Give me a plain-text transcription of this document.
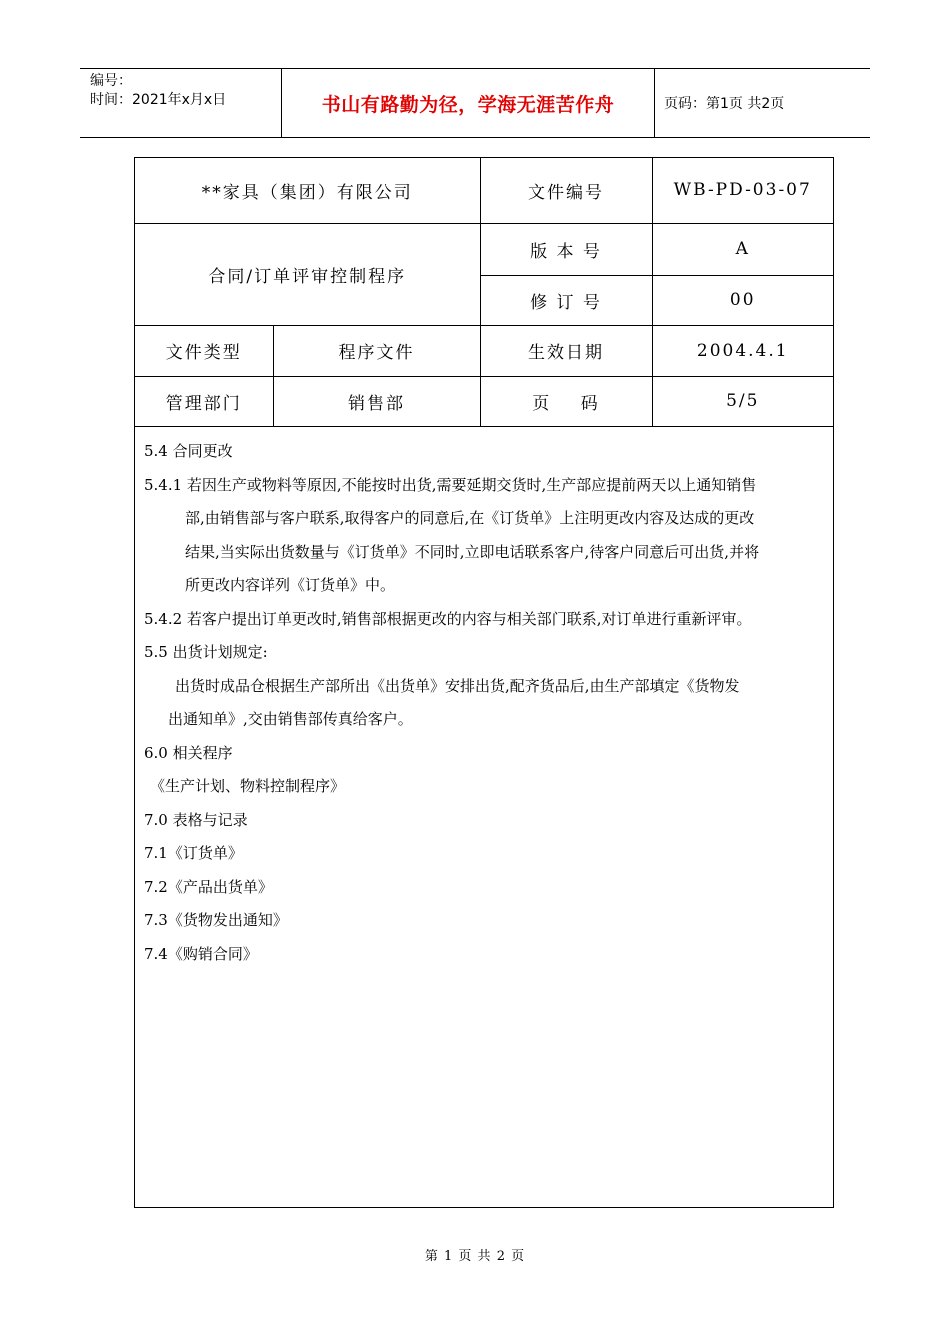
编号：
时间：2021年x月x日	书山有路勤为径，学海无涯苦作舟	页码：第1页 共2页
**家具（集团）有限公司		文件编号	WB-PD-03-07
合同/订单评审控制程序		版 本 号	A
		修 订 号	00
文件类型	程序文件	生效日期	2004.4.1
管理部门	销售部	页    码	5/5

5.4 合同更改

5.4.1 若因生产或物料等原因,不能按时出货,需要延期交货时,生产部应提前两天以上通知销售

部,由销售部与客户联系,取得客户的同意后,在《订货单》上注明更改内容及达成的更改

结果,当实际出货数量与《订货单》不同时,立即电话联系客户,待客户同意后可出货,并将

所更改内容详列《订货单》中。

5.4.2 若客户提出订单更改时,销售部根据更改的内容与相关部门联系,对订单进行重新评审。

5.5 出货计划规定:

出货时成品仓根据生产部所出《出货单》安排出货,配齐货品后,由生产部填定《货物发

出通知单》,交由销售部传真给客户。

6.0 相关程序

《生产计划、物料控制程序》

7.0 表格与记录

7.1《订货单》

7.2《产品出货单》

7.3《货物发出通知》

7.4《购销合同》

第 1 页 共 2 页
